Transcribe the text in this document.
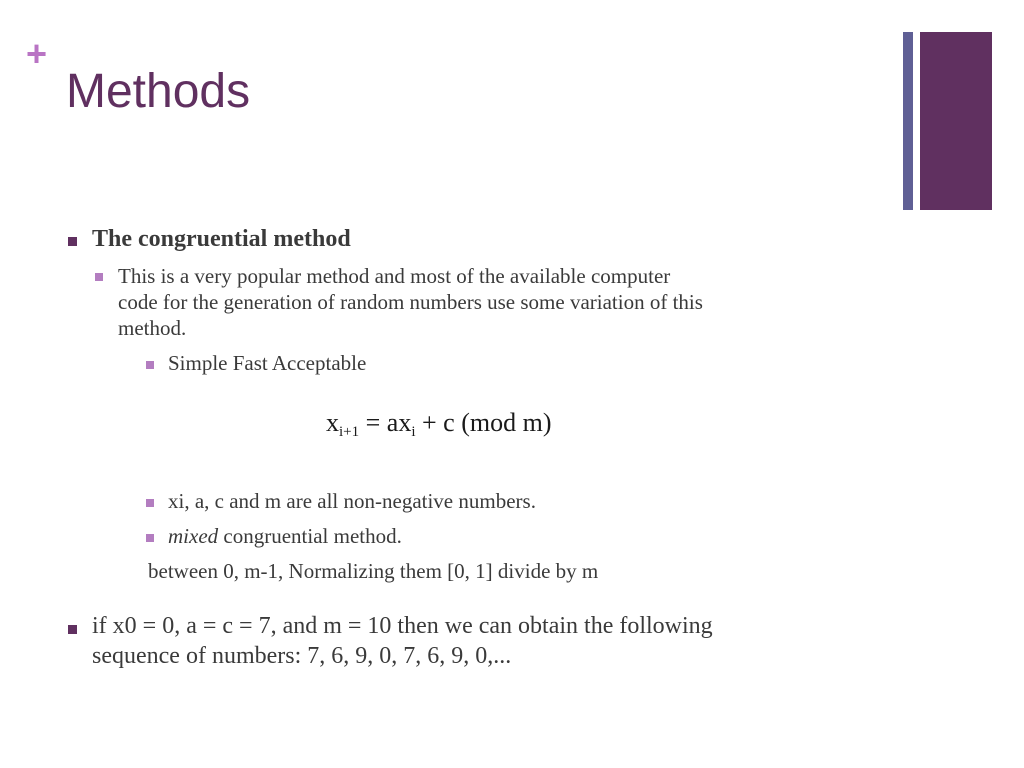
+
Methods
The congruential method
This is a very popular method and most of the available computer
code for the generation of random numbers use some variation of this
method.
Simple Fast Acceptable
$x_{i+1} = ax_i + c$ (mod m)
xi, a, c and m are all non-negative numbers.
mixed congruential method.
between 0, m-1, Normalizing them [0, 1] divide by m
if x0 = 0, a = c = 7, and m = 10 then we can obtain the following
sequence of numbers: 7, 6, 9, 0, 7, 6, 9, 0,...
